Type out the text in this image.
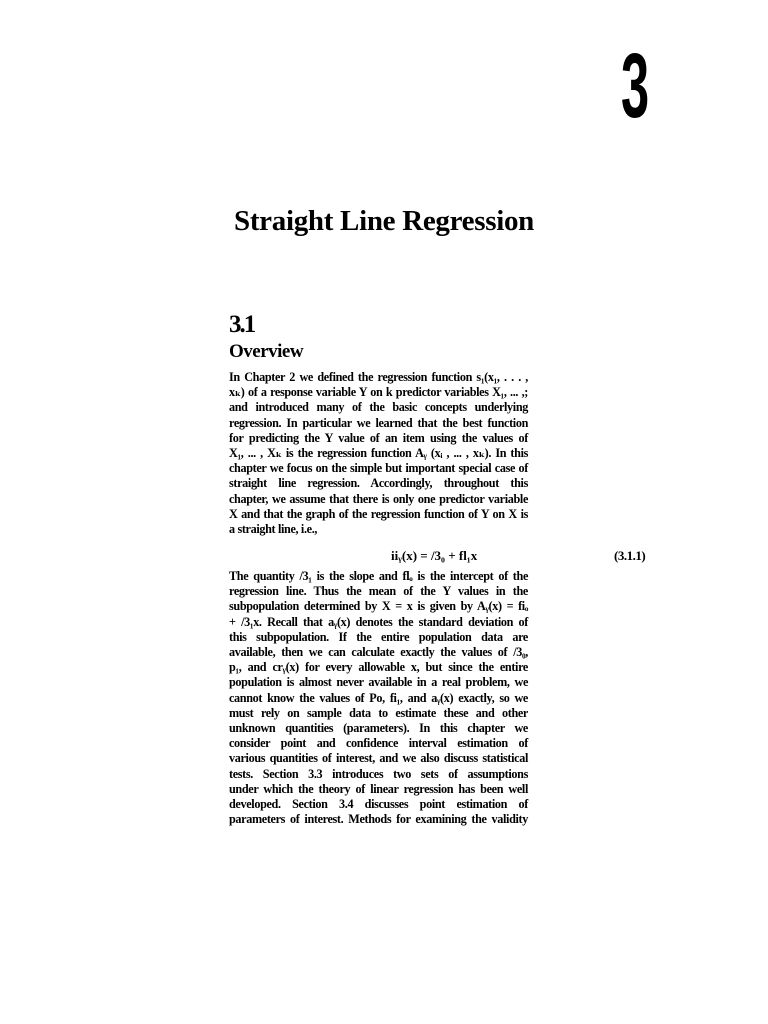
3
Straight Line Regression
3.1
Overview
In Chapter 2 we defined the regression function s₁(x₁, . . . ,
xₖ) of a response variable Y on k predictor variables X₁, ... ,;
and introduced many of the basic concepts underlying
regression. In particular we learned that the best function
for predicting the Y value of an item using the values of
X₁, ... , Xₖ is the regression function Aᵧ (xᵢ , ... , xₖ). In this
chapter we focus on the simple but important special case of
straight line regression. Accordingly, throughout this
chapter, we assume that there is only one predictor variable
X and that the graph of the regression function of Y on X is
a straight line, i.e.,
iiᵧ(x) = /3₀ + fl₁x	(3.1.1)
The quantity /3₁ is the slope and flₒ is the intercept of the
regression line. Thus the mean of the Y values in the
subpopulation determined by X = x is given by Aᵧ(x) = fiₒ
+ /3₁x. Recall that aᵧ(x) denotes the standard deviation of
this subpopulation. If the entire population data are
available, then we can calculate exactly the values of /3₀,
p₁, and crᵧ(x) for every allowable x, but since the entire
population is almost never available in a real problem, we
cannot know the values of Po, fi₁, and aᵧ(x) exactly, so we
must rely on sample data to estimate these and other
unknown quantities (parameters). In this chapter we
consider point and confidence interval estimation of
various quantities of interest, and we also discuss statistical
tests. Section 3.3 introduces two sets of assumptions
under which the theory of linear regression has been well
developed. Section 3.4 discusses point estimation of
parameters of interest. Methods for examining the validity
